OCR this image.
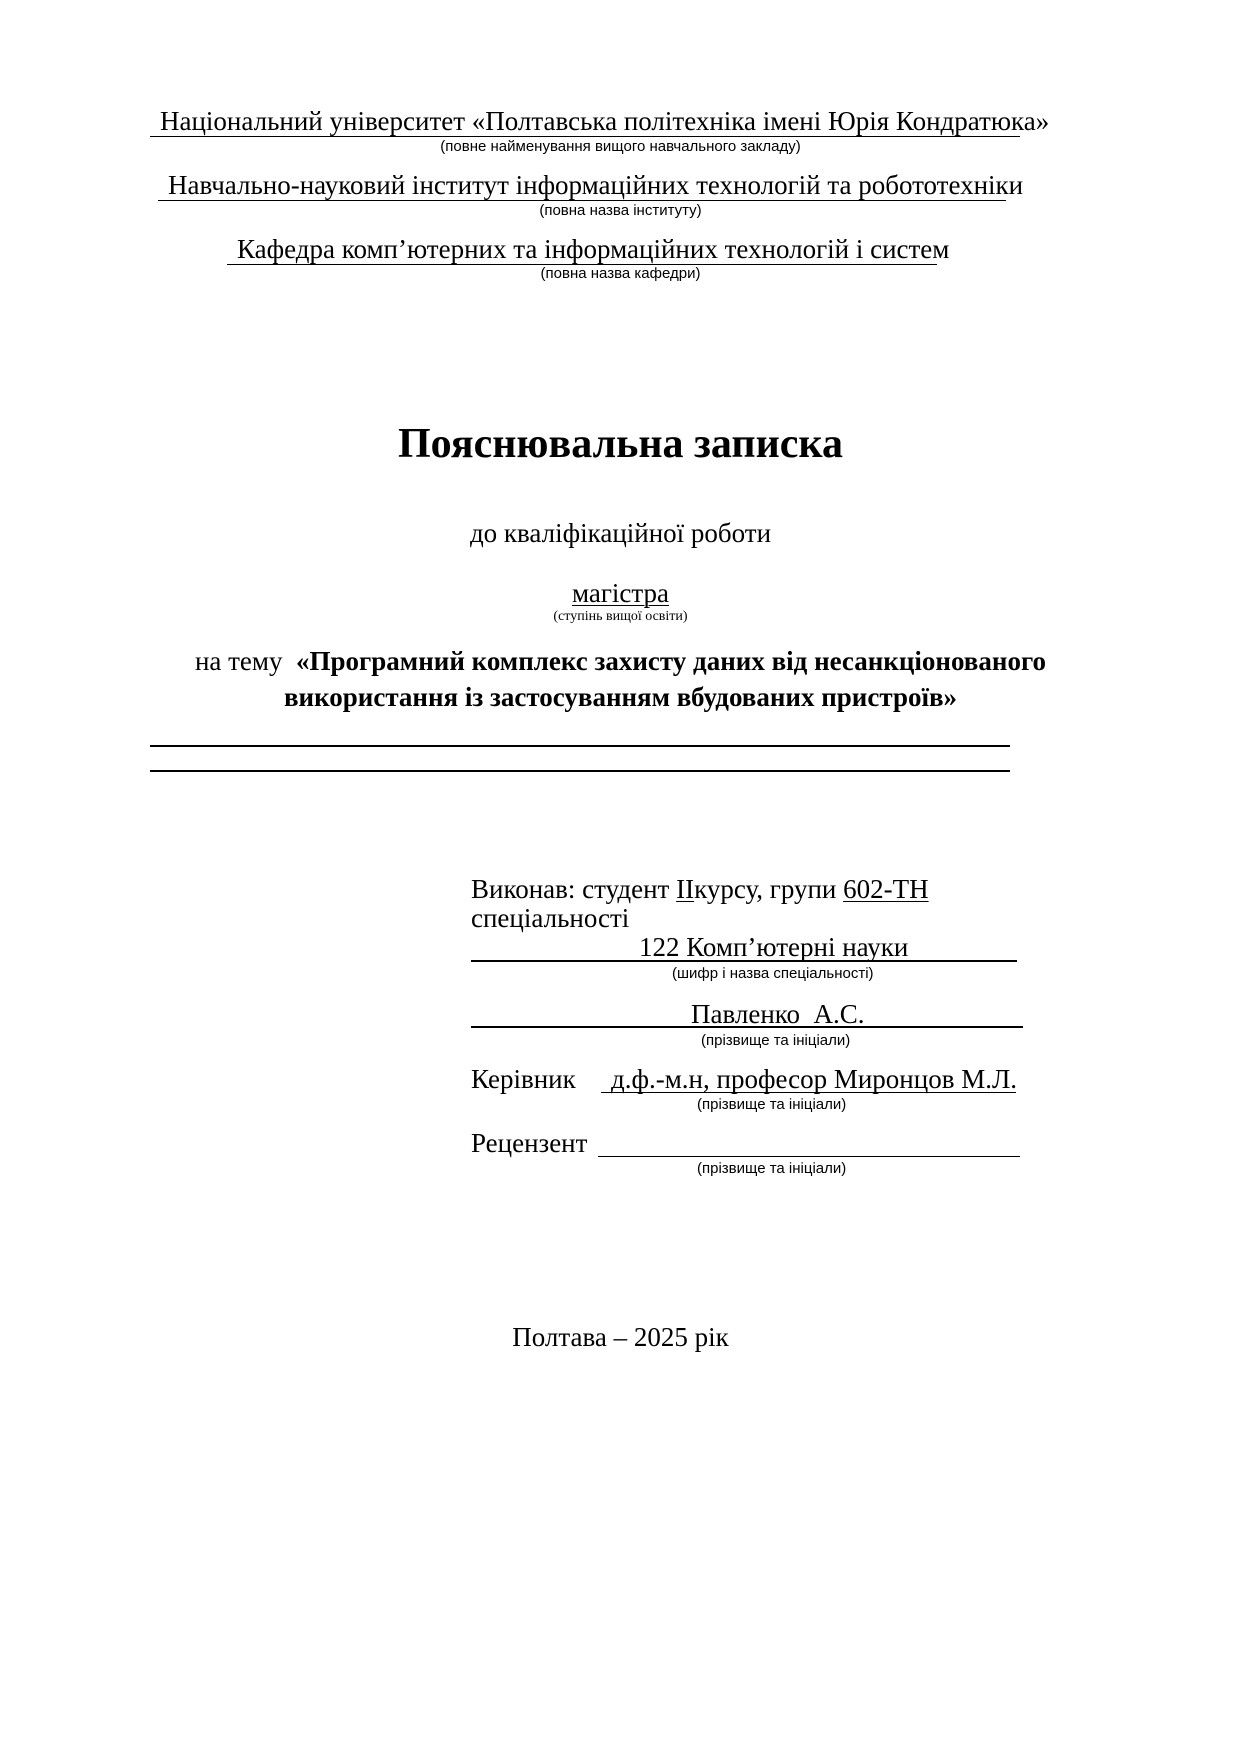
Національний університет «Полтавська політехніка імені Юрія Кондратюка»
(повне найменування вищого навчального закладу)
Навчально-науковий інститут інформаційних технологій та робототехніки
(повна назва інституту)
Кафедра комп’ютерних та інформаційних технологій і систем
(повна назва кафедри)
Пояснювальна записка
до кваліфікаційної роботи
магістра
(ступінь вищої освіти)
на тему «Програмний комплекс захисту даних від несанкціонованого
використання із застосуванням вбудованих пристроїв»
Виконав: студент IIкурсу, групи 602-ТН
спеціальності
122 Комп’ютерні науки
(шифр і назва спеціальності)
Павленко  А.С.
(прізвище та ініціали)
Керівник д.ф.-м.н, професор Миронцов М.Л.
(прізвище та ініціали)
Рецензент
(прізвище та ініціали)
Полтава – 2025 рік
